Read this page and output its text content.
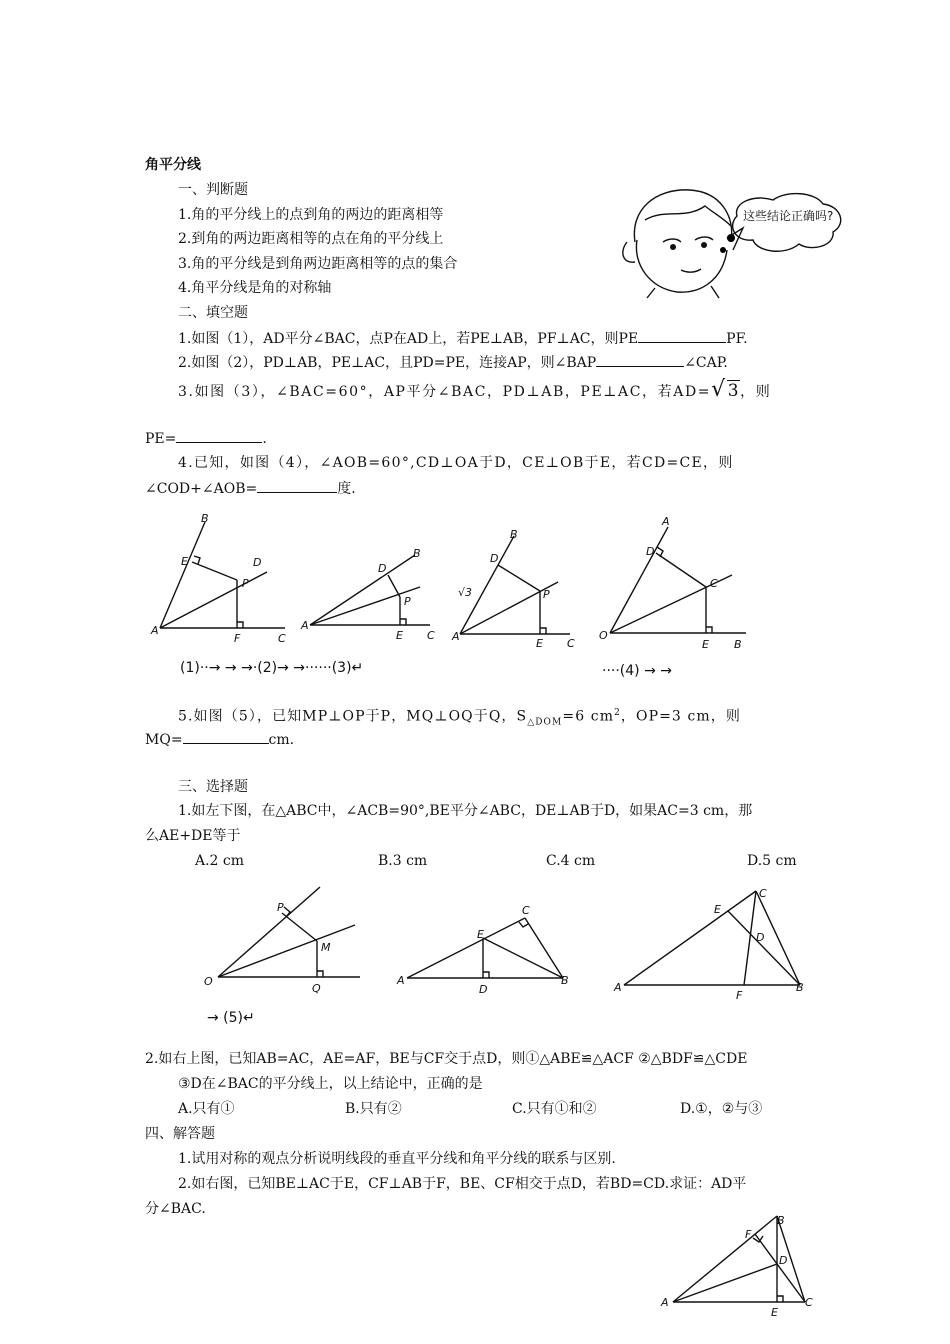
角平分线
一、判断题
1.角的平分线上的点到角的两边的距离相等
2.到角的两边距离相等的点在角的平分线上
3.角的平分线是到角两边距离相等的点的集合
4.角平分线是角的对称轴
这些结论正确吗?
二、填空题
1.如图（1），AD平分∠BAC，点P在AD上，若PE⊥AB，PF⊥AC，则PE	PF.
2.如图（2），PD⊥AB，PE⊥AC，且PD=PE，连接AP，则∠BAP	∠CAP.
3.如图（3），∠BAC=60°，AP平分∠BAC，PD⊥AB，PE⊥AC，若AD=√3，则
PE=	.
4.已知，如图（4），∠AOB=60°,CD⊥OA于D，CE⊥OB于E，若CD=CE，则
∠COD+∠AOB=	度.
B
E	D
P
A
F	C
B
D
P
A
E C
B
D
√3	P
A
E C
A
D
C
O
E B
(1)··→ → →·(2)→ →······(3)↵	····(4) → →
5.如图（5），已知MP⊥OP于P，MQ⊥OQ于Q，$S_{\triangle DOM}=6$ $cm^2$，OP=3 cm，则
MQ=	cm.
三、选择题
1.如左下图，在△ABC中，∠ACB=90°,BE平分∠ABC，DE⊥AB于D，如果AC=3 cm，那
么AE+DE等于
A.2 cm	B.3 cm	C.4 cm	D.5 cm
P
M
O
Q
→ (5)↵
C
E
A
D
B
C
E
D
A
F
B
2.如右上图，已知AB=AC，AE=AF，BE与CF交于点D，则①△ABE≌△ACF ②△BDF≌△CDE
③D在∠BAC的平分线上，以上结论中，正确的是
A.只有①	B.只有②	C.只有①和②	D.①，②与③
四、解答题
1.试用对称的观点分析说明线段的垂直平分线和角平分线的联系与区别.
2.如右图，已知BE⊥AC于E，CF⊥AB于F，BE、CF相交于点D，若BD=CD.求证：AD平
分∠BAC.
B
F
D
A
E
C
